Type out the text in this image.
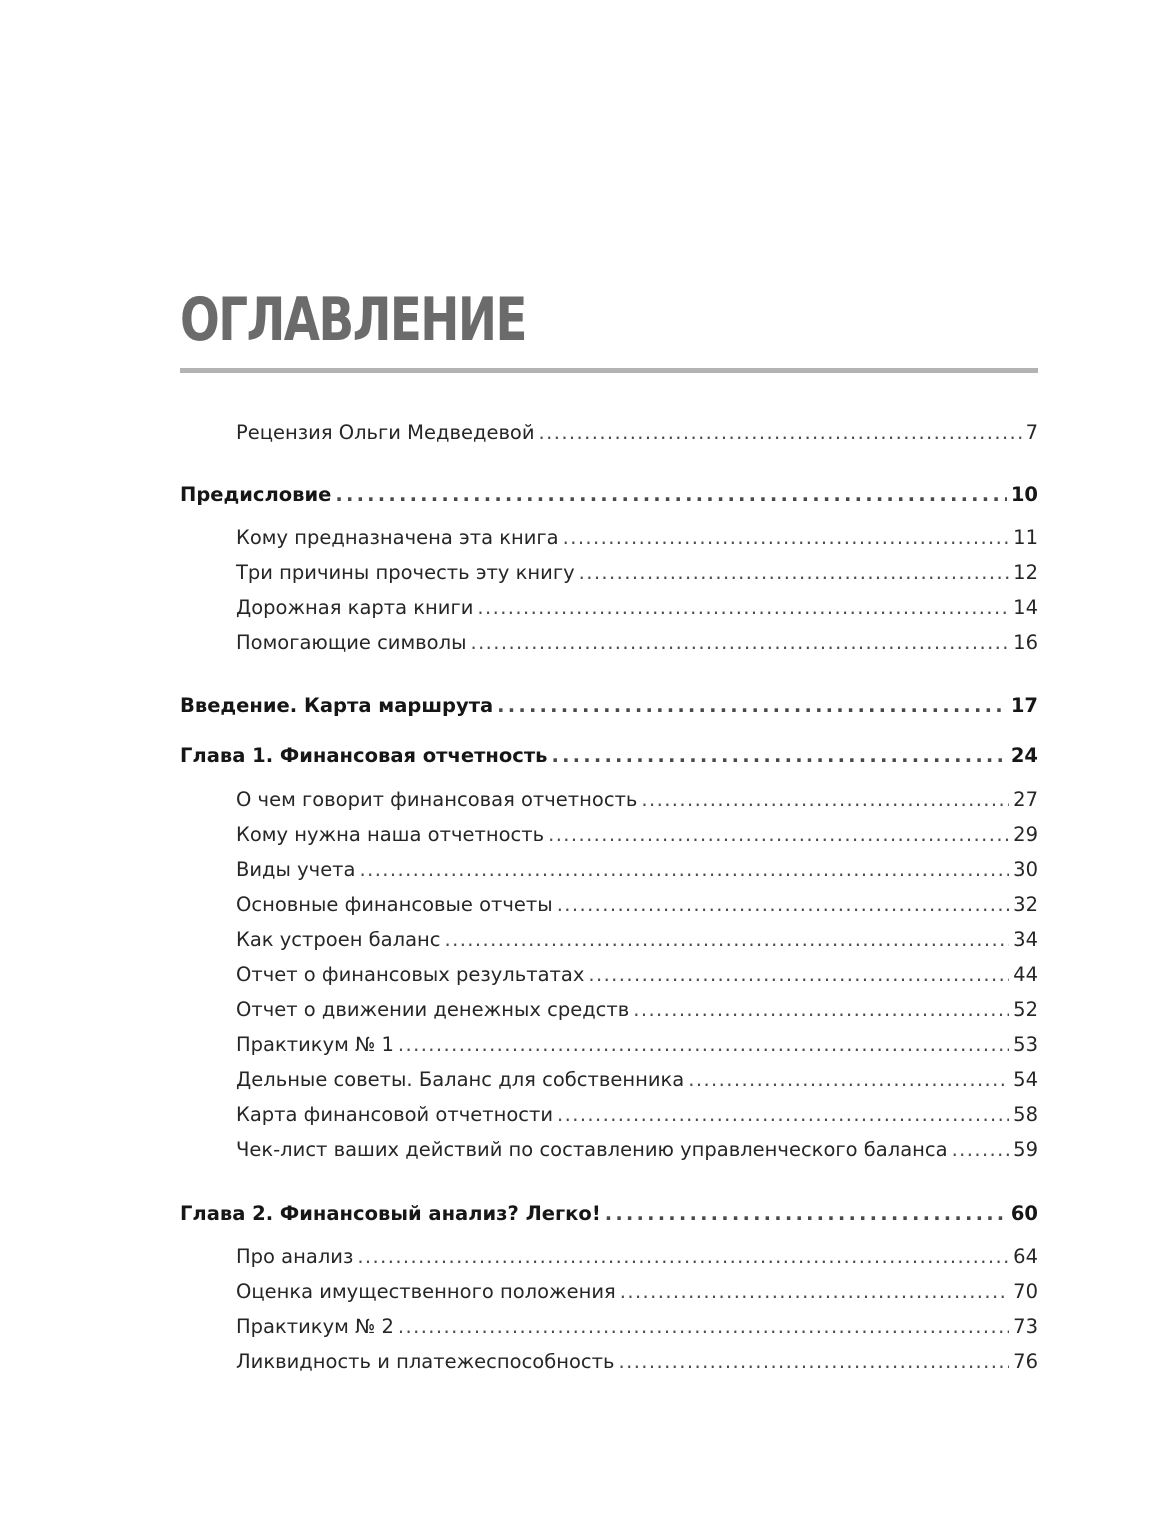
ОГЛАВЛЕНИЕ
Рецензия Ольги Медведевой . . .	7
Предисловие . . .	10
Кому предназначена эта книга . . .	11
Три причины прочесть эту книгу . . .	12
Дорожная карта книги . . .	14
Помогающие символы . . .	16
Введение. Карта маршрута . . .	17
Глава 1. Финансовая отчетность . . .	24
О чем говорит финансовая отчетность . . .	27
Кому нужна наша отчетность . . .	29
Виды учета . . .	30
Основные финансовые отчеты . . .	32
Как устроен баланс . . .	34
Отчет о финансовых результатах . . .	44
Отчет о движении денежных средств . . .	52
Практикум № 1 . . .	53
Дельные советы. Баланс для собственника . . .	54
Карта финансовой отчетности . . .	58
Чек-лист ваших действий по составлению управленческого баланса . . .	59
Глава 2. Финансовый анализ? Легко! . . .	60
Про анализ . . .	64
Оценка имущественного положения . . .	70
Практикум № 2 . . .	73
Ликвидность и платежеспособность . . .	76
